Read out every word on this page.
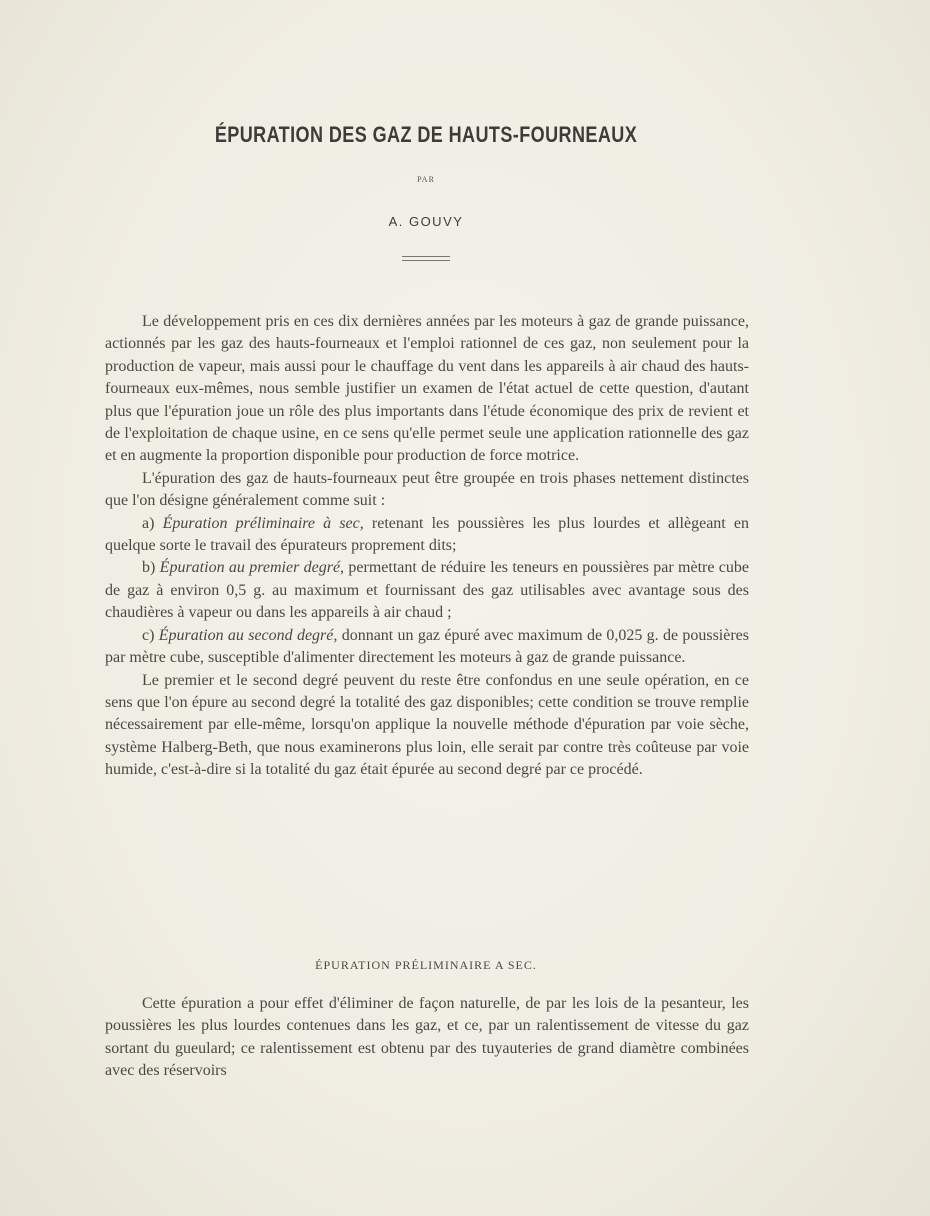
ÉPURATION DES GAZ DE HAUTS-FOURNEAUX
PAR
A. GOUVY

Le développement pris en ces dix dernières années par les moteurs à gaz de grande puissance, actionnés par les gaz des hauts-fourneaux et l'emploi rationnel de ces gaz, non seulement pour la production de vapeur, mais aussi pour le chauffage du vent dans les appareils à air chaud des hauts-fourneaux eux-mêmes, nous semble justifier un examen de l'état actuel de cette question, d'autant plus que l'épuration joue un rôle des plus importants dans l'étude économique des prix de revient et de l'exploitation de chaque usine, en ce sens qu'elle permet seule une application rationnelle des gaz et en augmente la proportion disponible pour production de force motrice.

L'épuration des gaz de hauts-fourneaux peut être groupée en trois phases nettement distinctes que l'on désigne généralement comme suit :

a) Épuration préliminaire à sec, retenant les poussières les plus lourdes et allègeant en quelque sorte le travail des épurateurs proprement dits;

b) Épuration au premier degré, permettant de réduire les teneurs en poussières par mètre cube de gaz à environ 0,5 g. au maximum et fournissant des gaz utilisables avec avantage sous des chaudières à vapeur ou dans les appareils à air chaud ;

c) Épuration au second degré, donnant un gaz épuré avec maximum de 0,025 g. de poussières par mètre cube, susceptible d'alimenter directement les moteurs à gaz de grande puissance.

Le premier et le second degré peuvent du reste être confondus en une seule opération, en ce sens que l'on épure au second degré la totalité des gaz disponibles; cette condition se trouve remplie nécessairement par elle-même, lorsqu'on applique la nouvelle méthode d'épuration par voie sèche, système Halberg-Beth, que nous examinerons plus loin, elle serait par contre très coûteuse par voie humide, c'est-à-dire si la totalité du gaz était épurée au second degré par ce procédé.

ÉPURATION PRÉLIMINAIRE A SEC.

Cette épuration a pour effet d'éliminer de façon naturelle, de par les lois de la pesanteur, les poussières les plus lourdes contenues dans les gaz, et ce, par un ralentissement de vitesse du gaz sortant du gueulard; ce ralentissement est obtenu par des tuyauteries de grand diamètre combinées avec des réservoirs
